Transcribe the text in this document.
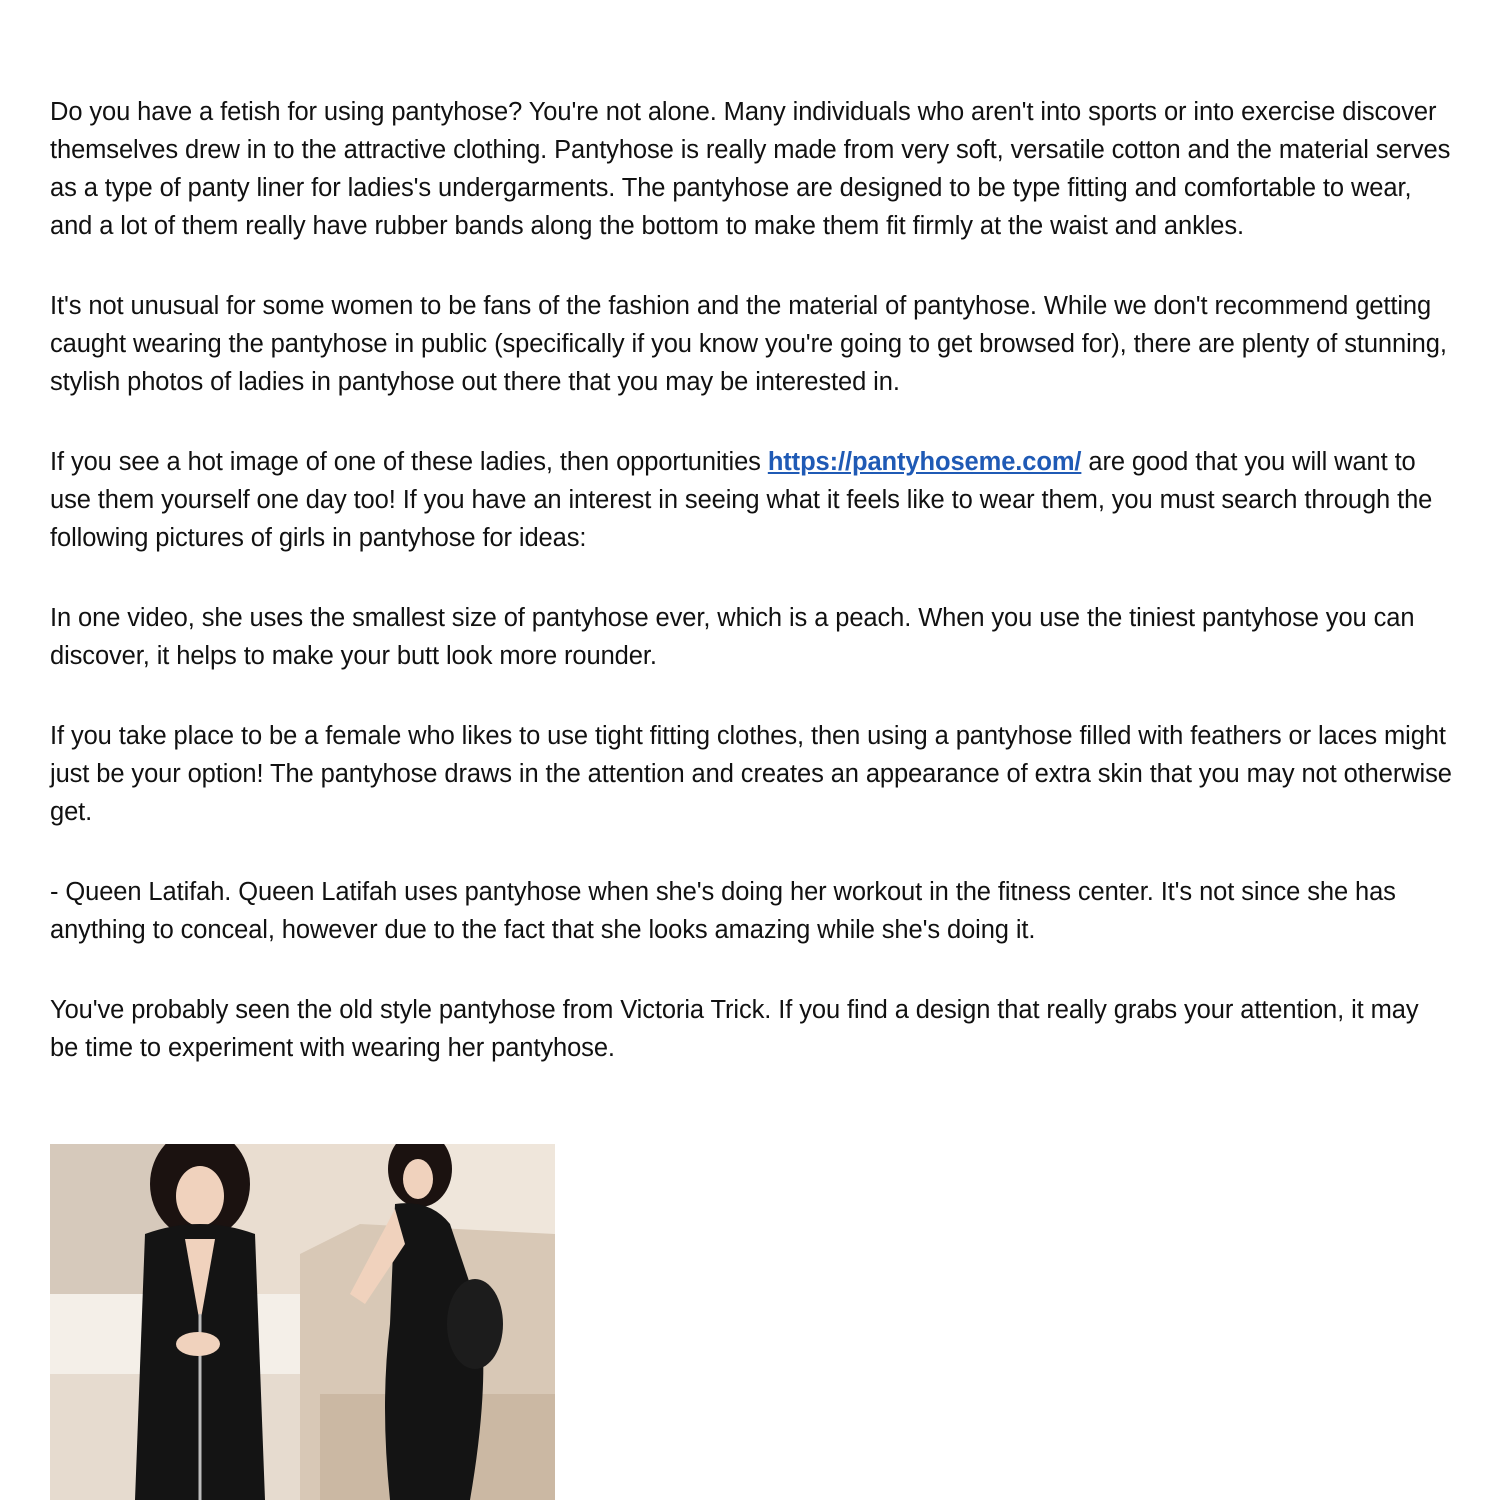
Do you have a fetish for using pantyhose? You're not alone. Many individuals who aren't into sports or into exercise discover themselves drew in to the attractive clothing. Pantyhose is really made from very soft, versatile cotton and the material serves as a type of panty liner for ladies's undergarments. The pantyhose are designed to be type fitting and comfortable to wear, and a lot of them really have rubber bands along the bottom to make them fit firmly at the waist and ankles.

It's not unusual for some women to be fans of the fashion and the material of pantyhose. While we don't recommend getting caught wearing the pantyhose in public (specifically if you know you're going to get browsed for), there are plenty of stunning, stylish photos of ladies in pantyhose out there that you may be interested in.

If you see a hot image of one of these ladies, then opportunities https://pantyhoseme.com/ are good that you will want to use them yourself one day too! If you have an interest in seeing what it feels like to wear them, you must search through the following pictures of girls in pantyhose for ideas:

In one video, she uses the smallest size of pantyhose ever, which is a peach. When you use the tiniest pantyhose you can discover, it helps to make your butt look more rounder.

If you take place to be a female who likes to use tight fitting clothes, then using a pantyhose filled with feathers or laces might just be your option! The pantyhose draws in the attention and creates an appearance of extra skin that you may not otherwise get.

- Queen Latifah. Queen Latifah uses pantyhose when she's doing her workout in the fitness center. It's not since she has anything to conceal, however due to the fact that she looks amazing while she's doing it.

You've probably seen the old style pantyhose from Victoria Trick. If you find a design that really grabs your attention, it may be time to experiment with wearing her pantyhose.
